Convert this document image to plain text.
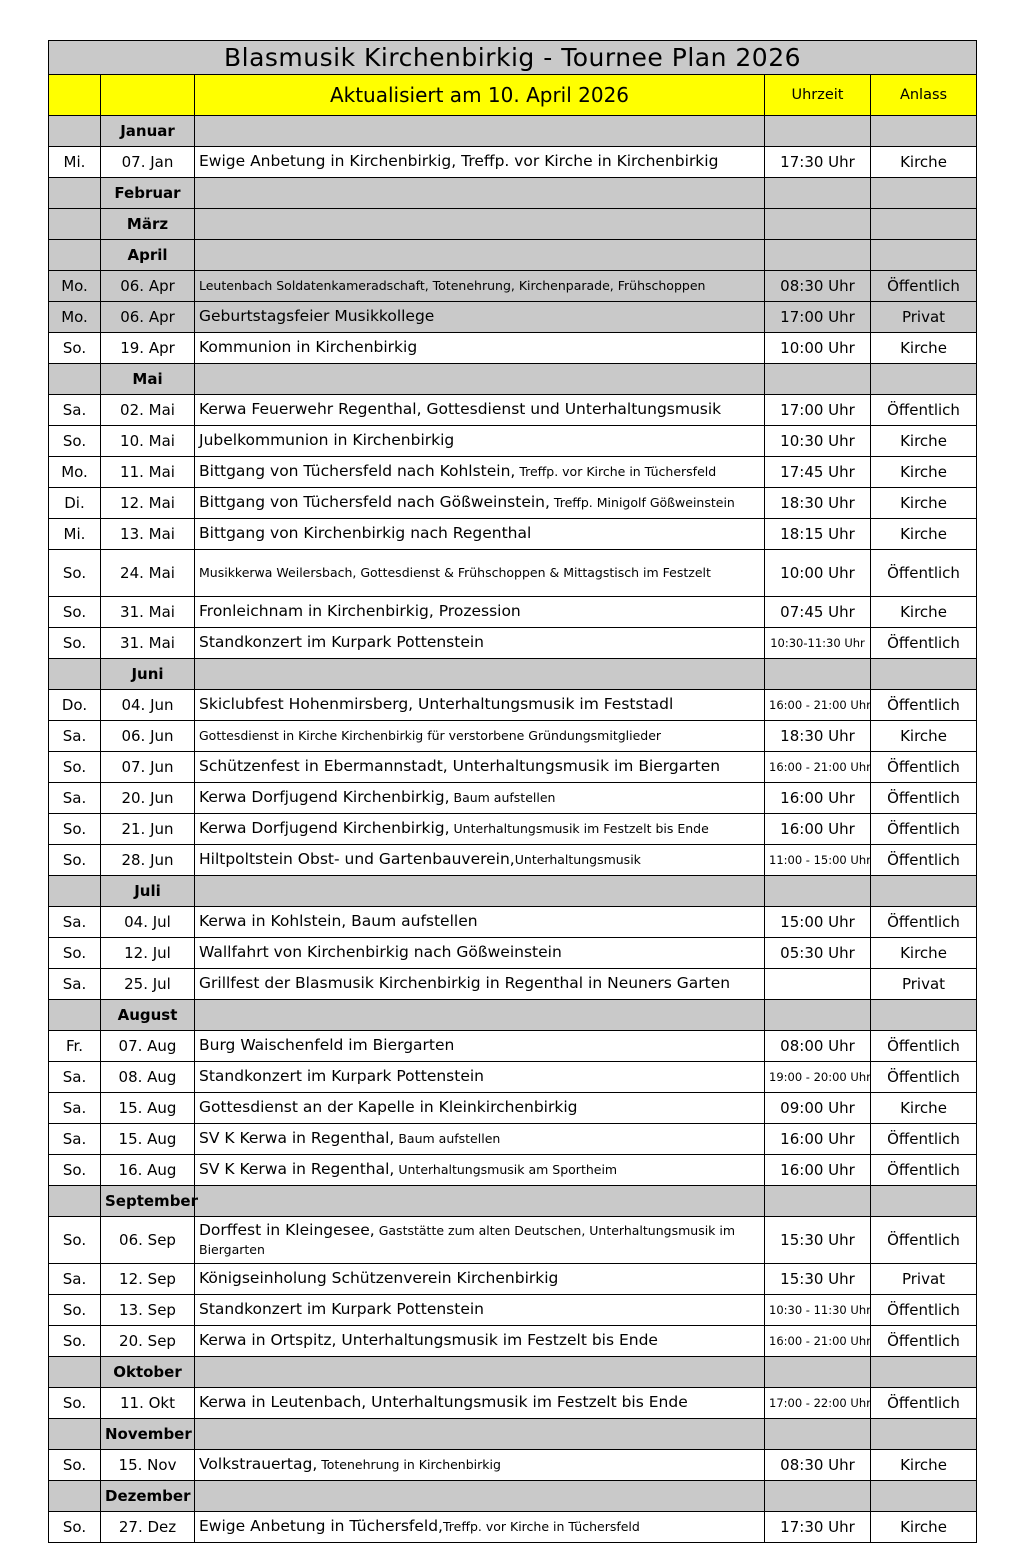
Blasmusik Kirchenbirkig - Tournee Plan 2026				
		Aktualisiert am 10. April 2026	Uhrzeit	Anlass
	Januar			
Mi.	07. Jan	Ewige Anbetung in Kirchenbirkig, Treffp. vor Kirche in Kirchenbirkig	17:30 Uhr	Kirche
	Februar			
	März			
	April			
Mo.	06. Apr	Leutenbach Soldatenkameradschaft, Totenehrung, Kirchenparade, Frühschoppen	08:30 Uhr	Öffentlich
Mo.	06. Apr	Geburtstagsfeier Musikkollege	17:00 Uhr	Privat
So.	19. Apr	Kommunion in Kirchenbirkig	10:00 Uhr	Kirche
	Mai			
Sa.	02. Mai	Kerwa Feuerwehr Regenthal, Gottesdienst und Unterhaltungsmusik	17:00 Uhr	Öffentlich
So.	10. Mai	Jubelkommunion in Kirchenbirkig	10:30 Uhr	Kirche
Mo.	11. Mai	Bittgang von Tüchersfeld nach Kohlstein, Treffp. vor Kirche in Tüchersfeld	17:45 Uhr	Kirche
Di.	12. Mai	Bittgang von Tüchersfeld nach Gößweinstein, Treffp. Minigolf Gößweinstein	18:30 Uhr	Kirche
Mi.	13. Mai	Bittgang von Kirchenbirkig nach Regenthal	18:15 Uhr	Kirche
So.	24. Mai	Musikkerwa Weilersbach, Gottesdienst & Frühschoppen & Mittagstisch im Festzelt	10:00 Uhr	Öffentlich
So.	31. Mai	Fronleichnam in Kirchenbirkig, Prozession	07:45 Uhr	Kirche
So.	31. Mai	Standkonzert im Kurpark Pottenstein	10:30-11:30 Uhr	Öffentlich
	Juni			
Do.	04. Jun	Skiclubfest Hohenmirsberg, Unterhaltungsmusik im Feststadl	16:00 - 21:00 Uhr	Öffentlich
Sa.	06. Jun	Gottesdienst in Kirche Kirchenbirkig für verstorbene Gründungsmitglieder	18:30 Uhr	Kirche
So.	07. Jun	Schützenfest in Ebermannstadt, Unterhaltungsmusik im Biergarten	16:00 - 21:00 Uhr	Öffentlich
Sa.	20. Jun	Kerwa Dorfjugend Kirchenbirkig, Baum aufstellen	16:00 Uhr	Öffentlich
So.	21. Jun	Kerwa Dorfjugend Kirchenbirkig, Unterhaltungsmusik im Festzelt bis Ende	16:00 Uhr	Öffentlich
So.	28. Jun	Hiltpoltstein Obst- und Gartenbauverein,Unterhaltungsmusik	11:00 - 15:00 Uhr	Öffentlich
	Juli			
Sa.	04. Jul	Kerwa in Kohlstein, Baum aufstellen	15:00 Uhr	Öffentlich
So.	12. Jul	Wallfahrt von Kirchenbirkig nach Gößweinstein	05:30 Uhr	Kirche
Sa.	25. Jul	Grillfest der Blasmusik Kirchenbirkig in Regenthal in Neuners Garten		Privat
	August			
Fr.	07. Aug	Burg Waischenfeld im Biergarten	08:00 Uhr	Öffentlich
Sa.	08. Aug	Standkonzert im Kurpark Pottenstein	19:00 - 20:00 Uhr	Öffentlich
Sa.	15. Aug	Gottesdienst an der Kapelle in Kleinkirchenbirkig	09:00 Uhr	Kirche
Sa.	15. Aug	SV K Kerwa in Regenthal, Baum aufstellen	16:00 Uhr	Öffentlich
So.	16. Aug	SV K Kerwa in Regenthal, Unterhaltungsmusik am Sportheim	16:00 Uhr	Öffentlich
	September			
So.	06. Sep	Dorffest in Kleingesee, Gaststätte zum alten Deutschen, Unterhaltungsmusik im Biergarten	15:30 Uhr	Öffentlich
Sa.	12. Sep	Königseinholung Schützenverein Kirchenbirkig	15:30 Uhr	Privat
So.	13. Sep	Standkonzert im Kurpark Pottenstein	10:30 - 11:30 Uhr	Öffentlich
So.	20. Sep	Kerwa in Ortspitz, Unterhaltungsmusik im Festzelt bis Ende	16:00 - 21:00 Uhr	Öffentlich
	Oktober			
So.	11. Okt	Kerwa in Leutenbach, Unterhaltungsmusik im Festzelt bis Ende	17:00 - 22:00 Uhr	Öffentlich
	November			
So.	15. Nov	Volkstrauertag, Totenehrung in Kirchenbirkig	08:30 Uhr	Kirche
	Dezember			
So.	27. Dez	Ewige Anbetung in Tüchersfeld,Treffp. vor Kirche in Tüchersfeld	17:30 Uhr	Kirche
